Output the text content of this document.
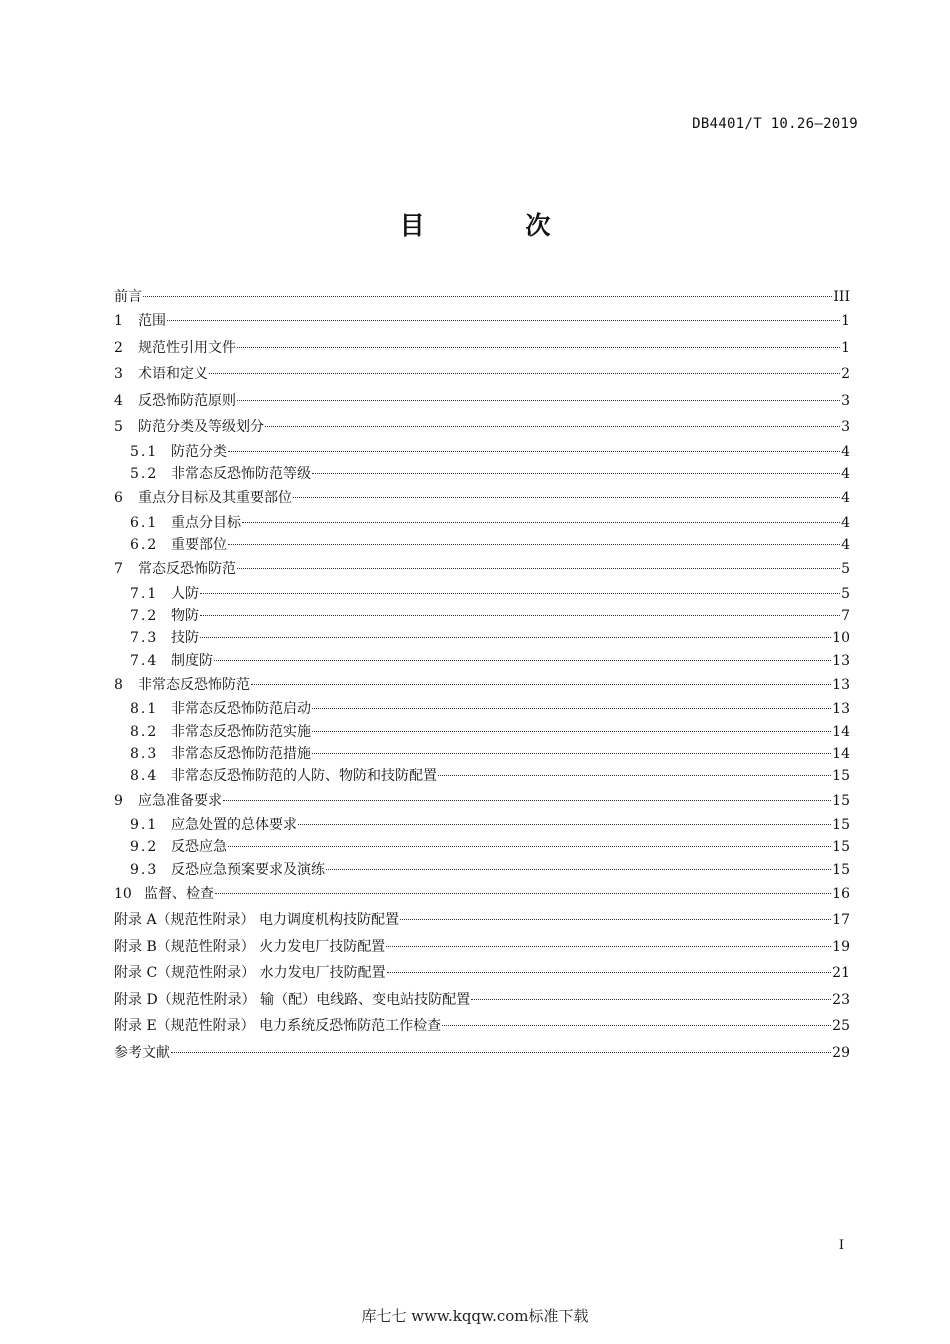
DB4401/T 10.26—2019
目 次
前言	III
1	范围	1
2	规范性引用文件	1
3	术语和定义	2
4	反恐怖防范原则	3
5	防范分类及等级划分	3
5.1 防范分类	4
5.2 非常态反恐怖防范等级	4
6	重点分目标及其重要部位	4
6.1 重点分目标	4
6.2 重要部位	4
7	常态反恐怖防范	5
7.1 人防	5
7.2 物防	7
7.3 技防	10
7.4 制度防	13
8	非常态反恐怖防范	13
8.1 非常态反恐怖防范启动	13
8.2 非常态反恐怖防范实施	14
8.3 非常态反恐怖防范措施	14
8.4 非常态反恐怖防范的人防、物防和技防配置	15
9	应急准备要求	15
9.1 应急处置的总体要求	15
9.2 反恐应急	15
9.3 反恐应急预案要求及演练	15
10 监督、检查	16
附录 A（规范性附录） 电力调度机构技防配置	17
附录 B（规范性附录） 火力发电厂技防配置	19
附录 C（规范性附录） 水力发电厂技防配置	21
附录 D（规范性附录） 输（配）电线路、变电站技防配置	23
附录 E（规范性附录） 电力系统反恐怖防范工作检查	25
参考文献	29
I
库七七 www.kqqw.com标准下载
